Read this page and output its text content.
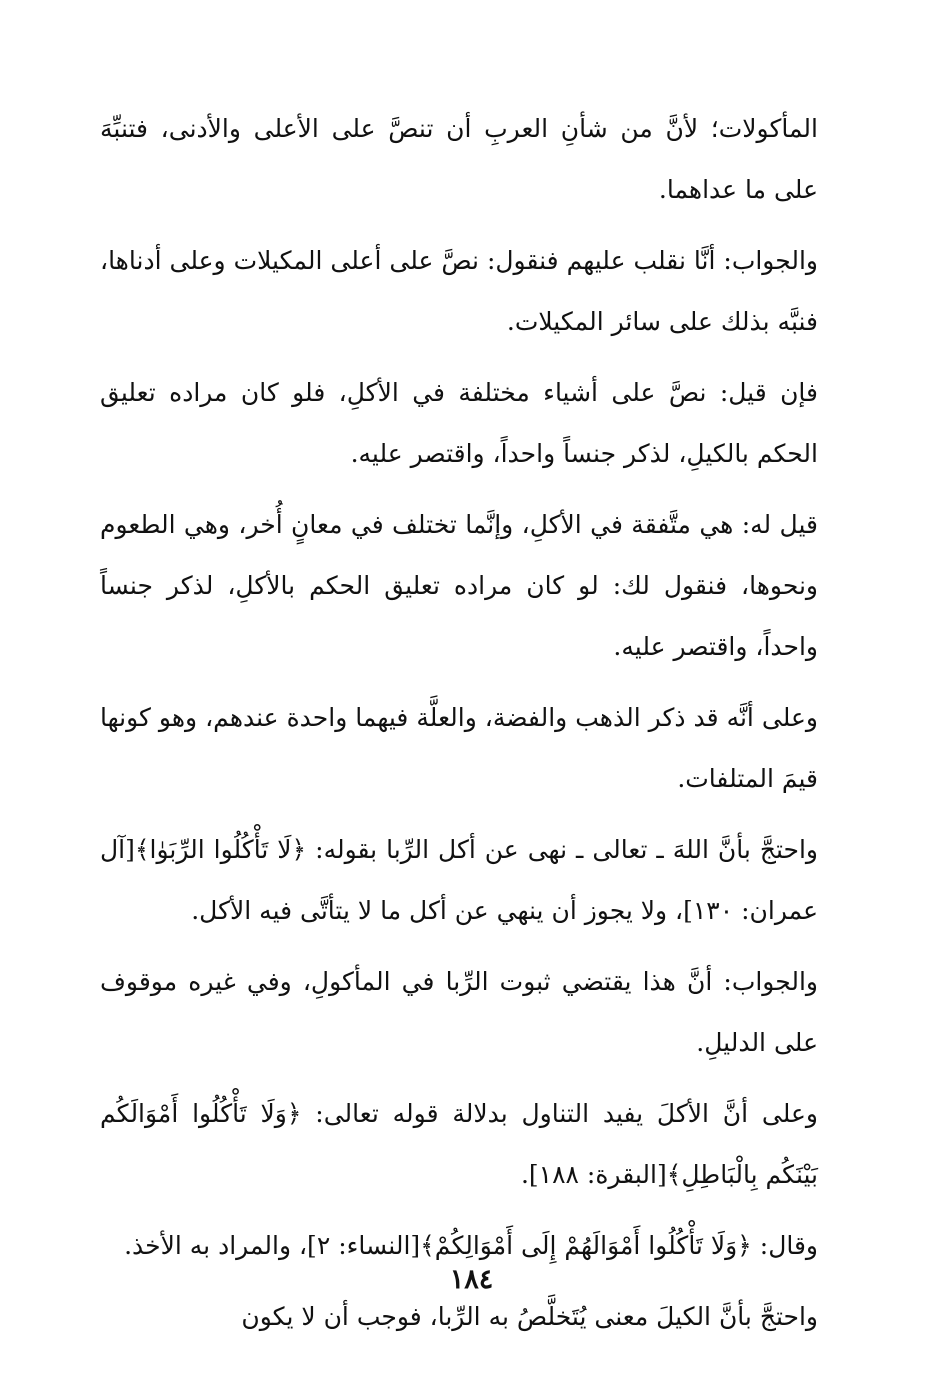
المأكولات؛ لأنَّ من شأنِ العربِ أن تنصَّ على الأعلى والأدنى، فتنبِّهَ على ما عداهما.

والجواب: أنَّا نقلب عليهم فنقول: نصَّ على أعلى المكيلات وعلى أدناها، فنبَّه بذلك على سائر المكيلات.

فإن قيل: نصَّ على أشياء مختلفة في الأكلِ، فلو كان مراده تعليق الحكم بالكيلِ، لذكر جنساً واحداً، واقتصر عليه.

قيل له: هي متَّفقة في الأكلِ، وإنَّما تختلف في معانٍ أُخر، وهي الطعوم ونحوها، فنقول لك: لو كان مراده تعليق الحكم بالأكلِ، لذكر جنساً واحداً، واقتصر عليه.

وعلى أنَّه قد ذكر الذهب والفضة، والعلَّة فيهما واحدة عندهم، وهو كونها قيمَ المتلفات.

واحتجَّ بأنَّ اللهَ ـ تعالى ـ نهى عن أكل الرِّبا بقوله: ﴿لَا تَأْكُلُوا الرِّبَوٰا﴾[آل عمران: ١٣٠]، ولا يجوز أن ينهي عن أكل ما لا يتأتَّى فيه الأكل.

والجواب: أنَّ هذا يقتضي ثبوت الرِّبا في المأكولِ، وفي غيره موقوف على الدليلِ.

وعلى أنَّ الأكلَ يفيد التناول بدلالة قوله تعالى: ﴿وَلَا تَأْكُلُوا أَمْوَالَكُم بَيْنَكُم بِالْبَاطِلِ﴾[البقرة: ١٨٨].

وقال: ﴿وَلَا تَأْكُلُوا أَمْوَالَهُمْ إِلَى أَمْوَالِكُمْ﴾[النساء: ٢]، والمراد به الأخذ.

واحتجَّ بأنَّ الكيلَ معنى يُتَخلَّصُ به الرِّبا، فوجب أن لا يكون

١٨٤
